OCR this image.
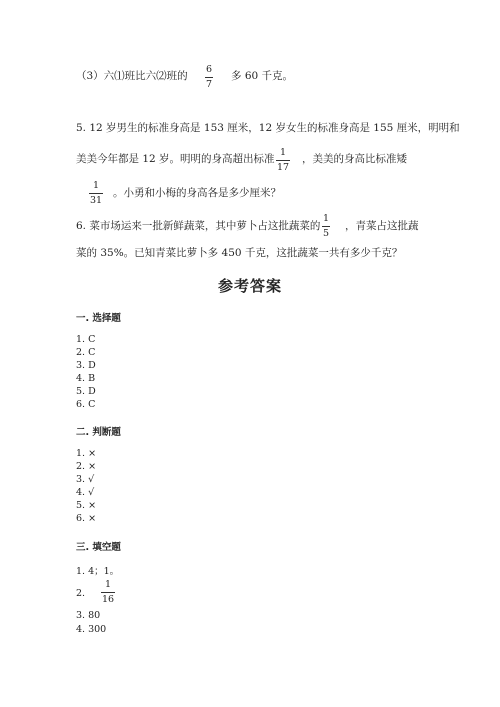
（3）六⑴班比六⑵班的
6
7
多 60 千克。
5. 12 岁男生的标准身高是 153 厘米，12 岁女生的标准身高是 155 厘米，明明和
美美今年都是 12 岁。明明的身高超出标准
1
17
，美美的身高比标准矮
1
31
。小勇和小梅的身高各是多少厘米？
6. 菜市场运来一批新鲜蔬菜，其中萝卜占这批蔬菜的
1
5
，青菜占这批蔬
菜的 35%。已知青菜比萝卜多 450 千克，这批蔬菜一共有多少千克？
参考答案
一. 选择题
1. C
2. C
3. D
4. B
5. D
6. C
二. 判断题
1. ×
2. ×
3. √
4. √
5. ×
6. ×
三. 填空题
1. 4；1。
2.
1
16
3. 80
4. 300
